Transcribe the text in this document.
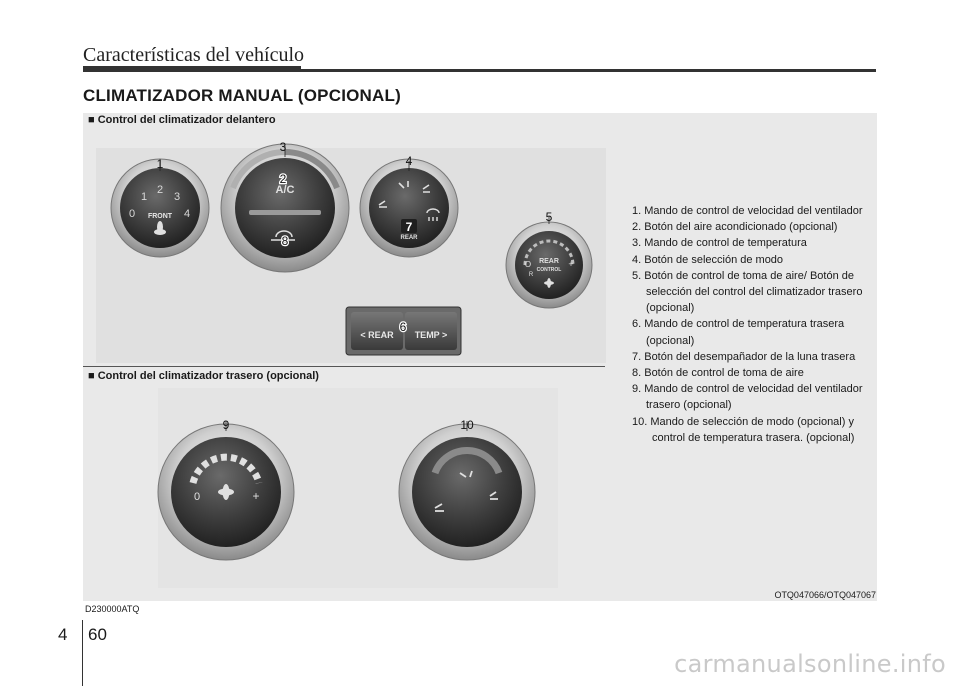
Características del vehículo
CLIMATIZADOR MANUAL (OPCIONAL)
2
1 3
0	4
FRONT
1
A/C
3
2
8	REAR
4
7
REAR
CONTROL
O	+
R
5
< REAR TEMP >
6
0	+
9	10
■ Control del climatizador delantero
■ Control del climatizador trasero (opcional)
1. Mando de control de velocidad del ventilador
2. Botón del aire acondicionado (opcional)
3. Mando de control de temperatura
4. Botón de selección de modo
5. Botón de control de toma de aire/ Botón de selección del control del climatizador trasero (opcional)
6. Mando de control de temperatura trasera (opcional)
7. Botón del desempañador de la luna trasera
8. Botón de control de toma de aire
9. Mando de control de velocidad del ventilador trasero (opcional)
10. Mando de selección de modo (opcional) y control de temperatura trasera. (opcional)
OTQ047066/OTQ047067
D230000ATQ
4 60
carmanualsonline.info
